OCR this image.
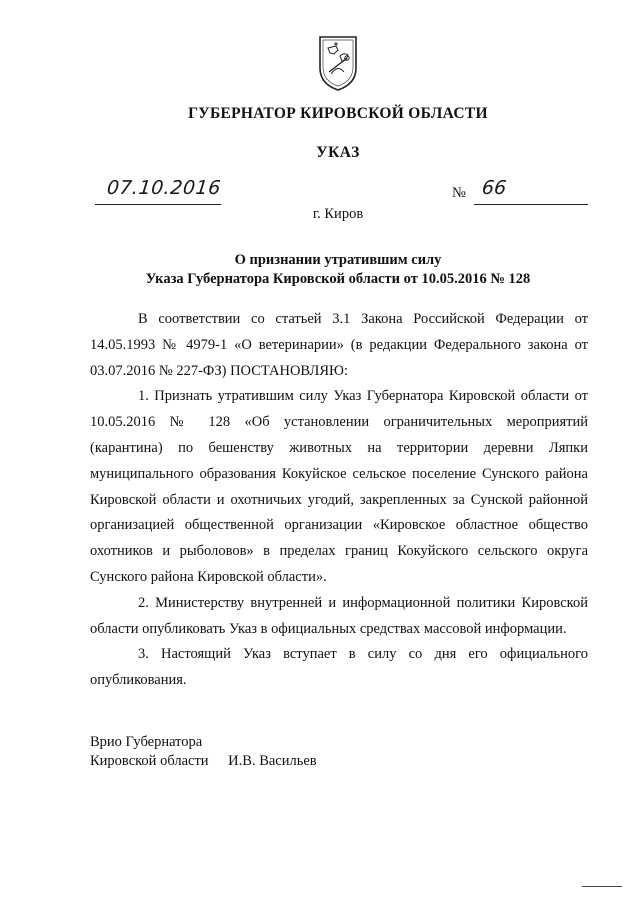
ГУБЕРНАТОР КИРОВСКОЙ ОБЛАСТИ
УКАЗ
07.10.2016	№ 66
г. Киров
О признании утратившим силу
Указа Губернатора Кировской области от 10.05.2016 № 128

В соответствии со статьей 3.1 Закона Российской Федерации от 14.05.1993 № 4979-1 «О ветеринарии» (в редакции Федерального закона от 03.07.2016 № 227-ФЗ) ПОСТАНОВЛЯЮ:

1. Признать утратившим силу Указ Губернатора Кировской области от 10.05.2016 № 128 «Об установлении ограничительных мероприятий (карантина) по бешенству животных на территории деревни Ляпки муниципального образования Кокуйское сельское поселение Сунского района Кировской области и охотничьих угодий, закрепленных за Сунской районной организацией общественной организации «Кировское областное общество охотников и рыболовов» в пределах границ Кокуйского сельского округа Сунского района Кировской области».

2. Министерству внутренней и информационной политики Кировской области опубликовать Указ в официальных средствах массовой информации.

3. Настоящий Указ вступает в силу со дня его официального опубликования.

Врио Губернатора
Кировской области И.В. Васильев
